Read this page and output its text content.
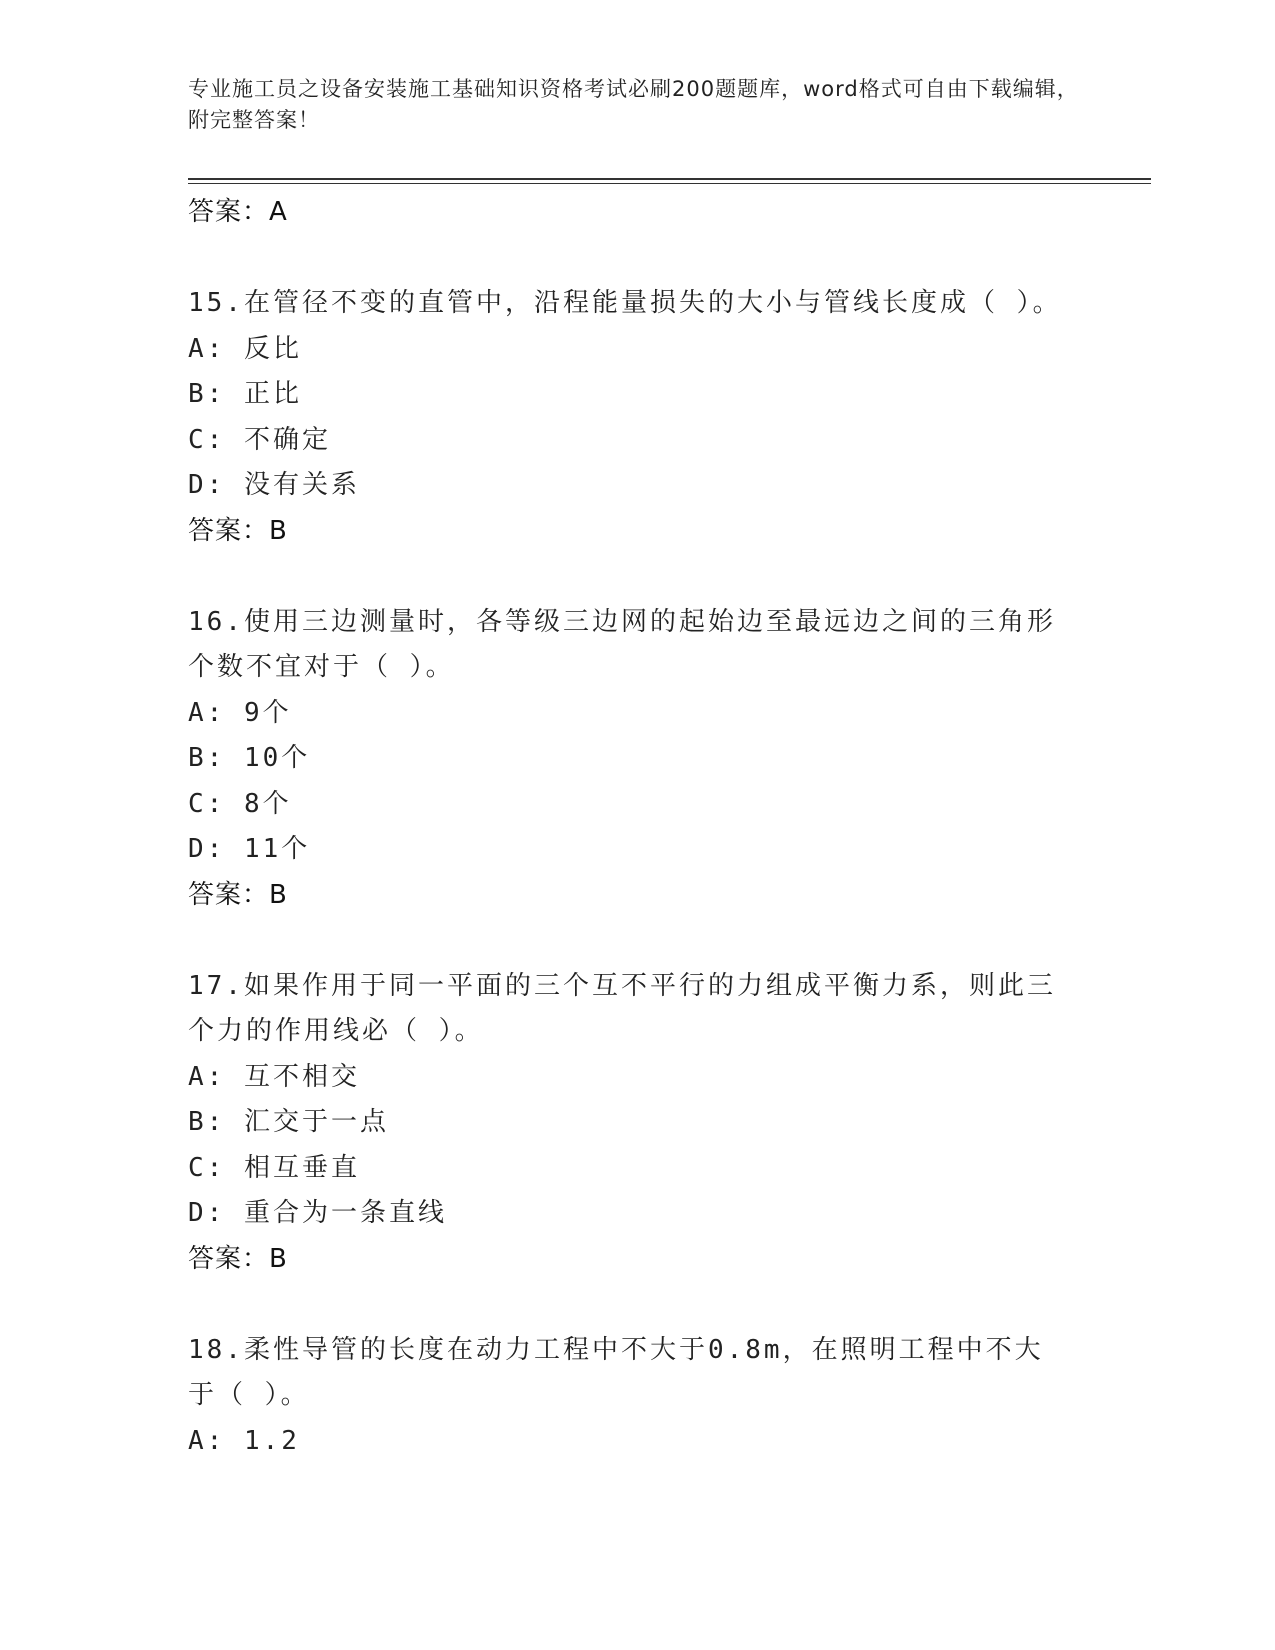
专业施工员之设备安装施工基础知识资格考试必刷200题题库，word格式可自由下载编辑，附完整答案！
答案：A
15.在管径不变的直管中，沿程能量损失的大小与管线长度成（ ）。
A: 反比
B: 正比
C: 不确定
D: 没有关系
答案：B
16.使用三边测量时，各等级三边网的起始边至最远边之间的三角形个数不宜对于（ ）。
A: 9个
B: 10个
C: 8个
D: 11个
答案：B
17.如果作用于同一平面的三个互不平行的力组成平衡力系，则此三个力的作用线必（ ）。
A: 互不相交
B: 汇交于一点
C: 相互垂直
D: 重合为一条直线
答案：B
18.柔性导管的长度在动力工程中不大于0.8m，在照明工程中不大于（ ）。
A: 1.2
